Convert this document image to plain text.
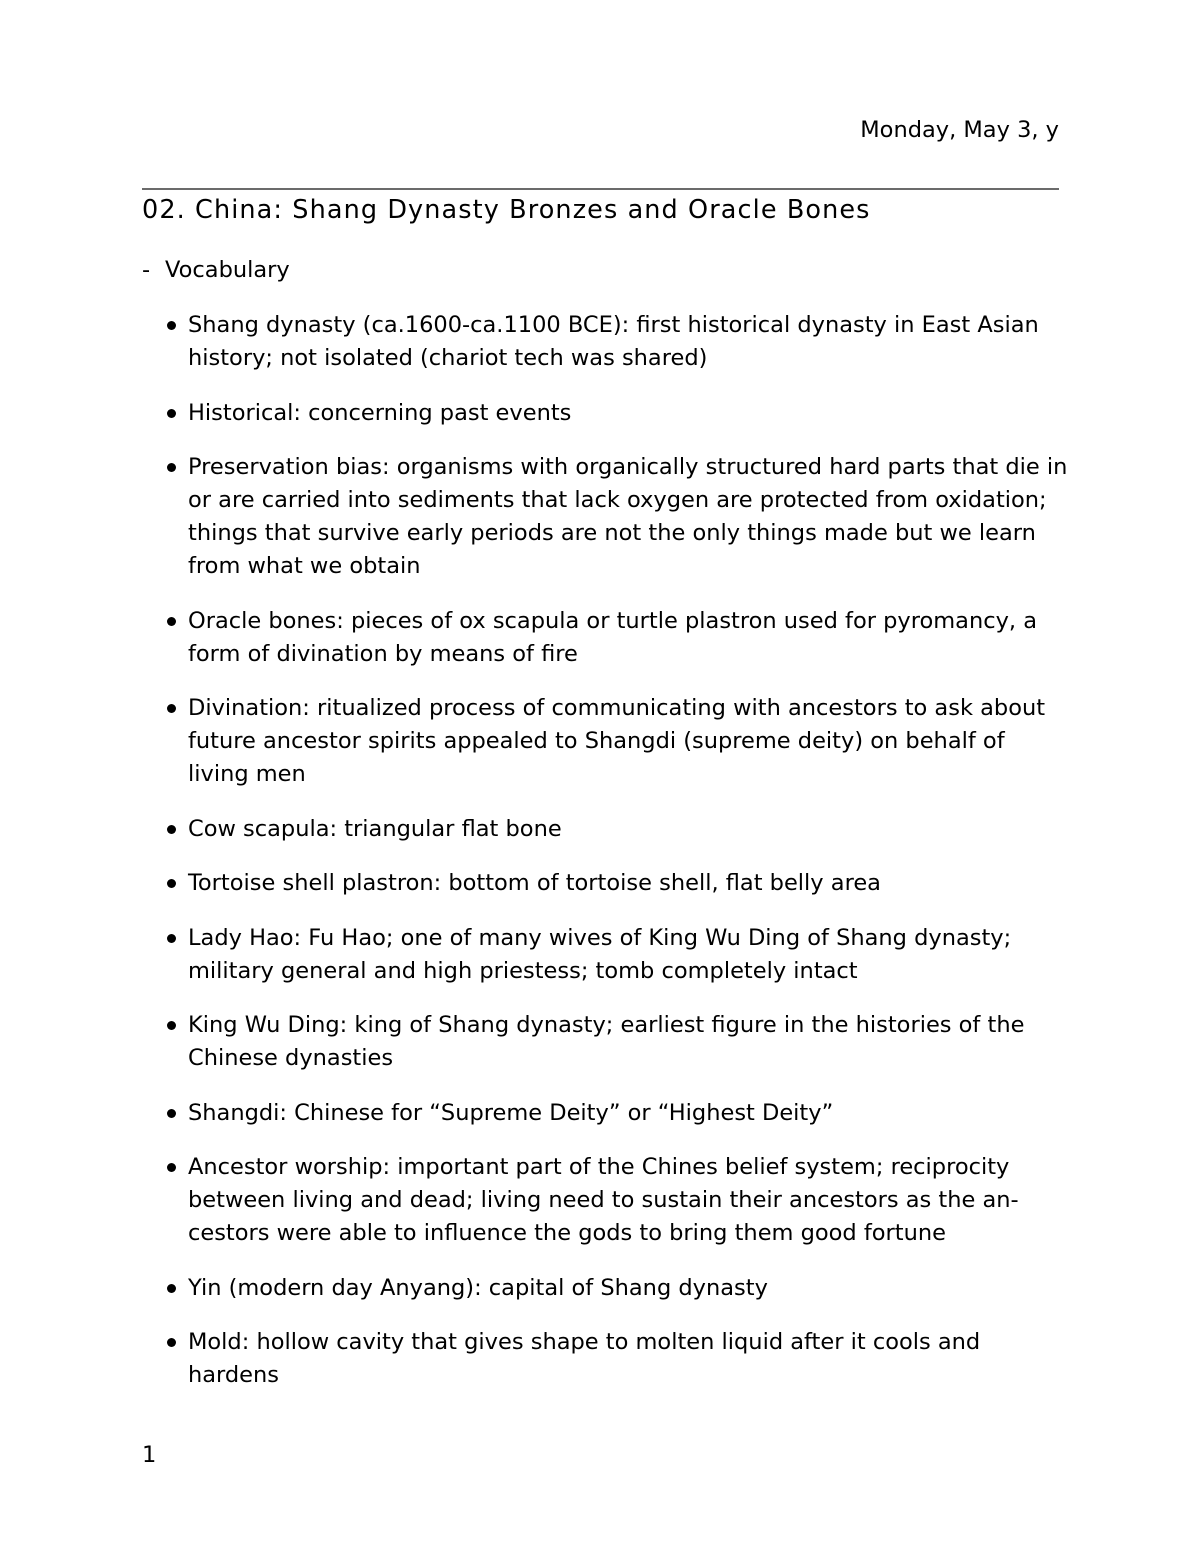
Monday, May 3, y
02. China: Shang Dynasty Bronzes and Oracle Bones
- Vocabulary
Shang dynasty (ca.1600-ca.1100 BCE): first historical dynasty in East Asian history; not isolated (chariot tech was shared)
Historical: concerning past events
Preservation bias: organisms with organically structured hard parts that die in or are carried into sediments that lack oxygen are protected from oxidation; things that survive early periods are not the only things made but we learn from what we obtain
Oracle bones: pieces of ox scapula or turtle plastron used for pyromancy, a form of divination by means of fire
Divination: ritualized process of communicating with ancestors to ask about future ancestor spirits appealed to Shangdi (supreme deity) on behalf of living men
Cow scapula: triangular flat bone
Tortoise shell plastron: bottom of tortoise shell, flat belly area
Lady Hao: Fu Hao; one of many wives of King Wu Ding of Shang dynasty; military general and high priestess; tomb completely intact
King Wu Ding: king of Shang dynasty; earliest figure in the histories of the Chinese dynasties
Shangdi: Chinese for “Supreme Deity” or “Highest Deity”
Ancestor worship: important part of the Chines belief system; reciprocity between living and dead; living need to sustain their ancestors as the ancestors were able to influence the gods to bring them good fortune
Yin (modern day Anyang): capital of Shang dynasty
Mold: hollow cavity that gives shape to molten liquid after it cools and hardens
1
